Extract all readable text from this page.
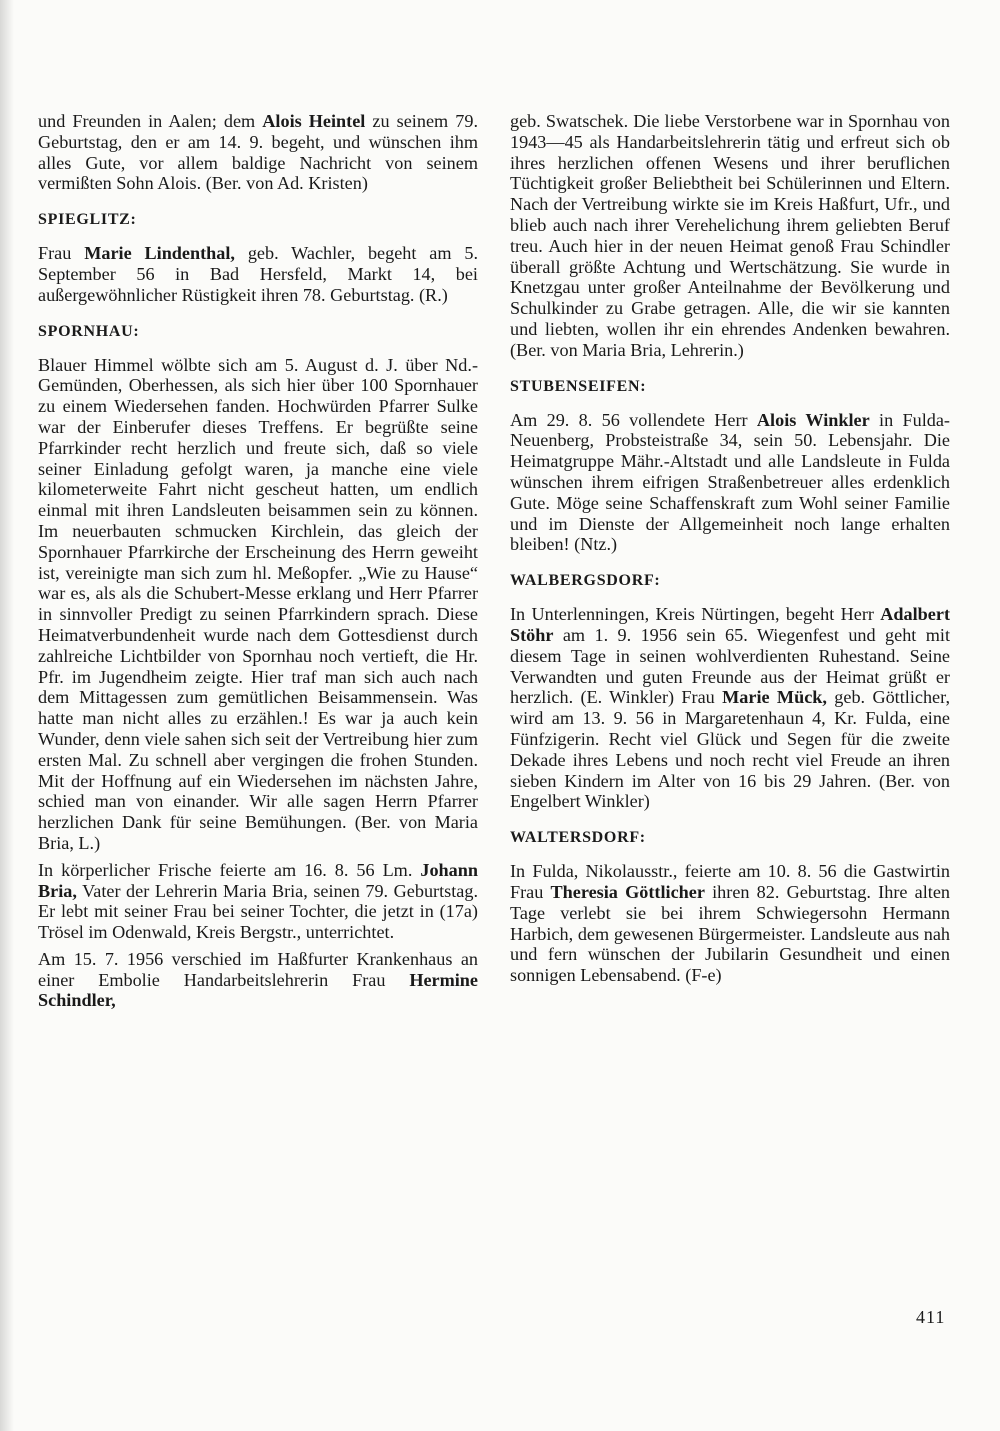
und Freunden in Aalen; dem Alois Heintel zu seinem 79. Geburtstag, den er am 14. 9. begeht, und wünschen ihm alles Gute, vor allem baldige Nachricht von seinem vermißten Sohn Alois. (Ber. von Ad. Kristen)

SPIEGLITZ:

Frau Marie Lindenthal, geb. Wachler, begeht am 5. September 56 in Bad Hersfeld, Markt 14, bei außergewöhnlicher Rüstigkeit ihren 78. Geburtstag. (R.)

SPORNHAU:

Blauer Himmel wölbte sich am 5. August d. J. über Nd.-Gemünden, Oberhessen, als sich hier über 100 Spornhauer zu einem Wiedersehen fanden. Hochwürden Pfarrer Sulke war der Einberufer dieses Treffens. Er begrüßte seine Pfarrkinder recht herzlich und freute sich, daß so viele seiner Einladung gefolgt waren, ja manche eine viele kilometerweite Fahrt nicht gescheut hatten, um endlich einmal mit ihren Landsleuten beisammen sein zu können. Im neuerbauten schmucken Kirchlein, das gleich der Spornhauer Pfarrkirche der Erscheinung des Herrn geweiht ist, vereinigte man sich zum hl. Meßopfer. „Wie zu Hause“ war es, als als die Schubert-Messe erklang und Herr Pfarrer in sinnvoller Predigt zu seinen Pfarrkindern sprach. Diese Heimatverbundenheit wurde nach dem Gottesdienst durch zahlreiche Lichtbilder von Spornhau noch vertieft, die Hr. Pfr. im Jugendheim zeigte. Hier traf man sich auch nach dem Mittagessen zum gemütlichen Beisammensein. Was hatte man nicht alles zu erzählen.! Es war ja auch kein Wunder, denn viele sahen sich seit der Vertreibung hier zum ersten Mal. Zu schnell aber vergingen die frohen Stunden. Mit der Hoffnung auf ein Wiedersehen im nächsten Jahre, schied man von einander. Wir alle sagen Herrn Pfarrer herzlichen Dank für seine Bemühungen. (Ber. von Maria Bria, L.)

In körperlicher Frische feierte am 16. 8. 56 Lm. Johann Bria, Vater der Lehrerin Maria Bria, seinen 79. Geburtstag. Er lebt mit seiner Frau bei seiner Tochter, die jetzt in (17a) Trösel im Odenwald, Kreis Bergstr., unterrichtet.

Am 15. 7. 1956 verschied im Haßfurter Krankenhaus an einer Embolie Handarbeitslehrerin Frau Hermine Schindler,

geb. Swatschek. Die liebe Verstorbene war in Spornhau von 1943—45 als Handarbeitslehrerin tätig und erfreut sich ob ihres herzlichen offenen Wesens und ihrer beruflichen Tüchtigkeit großer Beliebtheit bei Schülerinnen und Eltern. Nach der Vertreibung wirkte sie im Kreis Haßfurt, Ufr., und blieb auch nach ihrer Verehelichung ihrem geliebten Beruf treu. Auch hier in der neuen Heimat genoß Frau Schindler überall größte Achtung und Wertschätzung. Sie wurde in Knetzgau unter großer Anteilnahme der Bevölkerung und Schulkinder zu Grabe getragen. Alle, die wir sie kannten und liebten, wollen ihr ein ehrendes Andenken bewahren. (Ber. von Maria Bria, Lehrerin.)

STUBENSEIFEN:

Am 29. 8. 56 vollendete Herr Alois Winkler in Fulda-Neuenberg, Probsteistraße 34, sein 50. Lebensjahr. Die Heimatgruppe Mähr.-Altstadt und alle Landsleute in Fulda wünschen ihrem eifrigen Straßenbetreuer alles erdenklich Gute. Möge seine Schaffenskraft zum Wohl seiner Familie und im Dienste der Allgemeinheit noch lange erhalten bleiben! (Ntz.)

WALBERGSDORF:

In Unterlenningen, Kreis Nürtingen, begeht Herr Adalbert Stöhr am 1. 9. 1956 sein 65. Wiegenfest und geht mit diesem Tage in seinen wohlverdienten Ruhestand. Seine Verwandten und guten Freunde aus der Heimat grüßt er herzlich. (E. Winkler) Frau Marie Mück, geb. Göttlicher, wird am 13. 9. 56 in Margaretenhaun 4, Kr. Fulda, eine Fünfzigerin. Recht viel Glück und Segen für die zweite Dekade ihres Lebens und noch recht viel Freude an ihren sieben Kindern im Alter von 16 bis 29 Jahren. (Ber. von Engelbert Winkler)

WALTERSDORF:

In Fulda, Nikolausstr., feierte am 10. 8. 56 die Gastwirtin Frau Theresia Göttlicher ihren 82. Geburtstag. Ihre alten Tage verlebt sie bei ihrem Schwiegersohn Hermann Harbich, dem gewesenen Bürgermeister. Landsleute aus nah und fern wünschen der Jubilarin Gesundheit und einen sonnigen Lebensabend. (F-e)

411
